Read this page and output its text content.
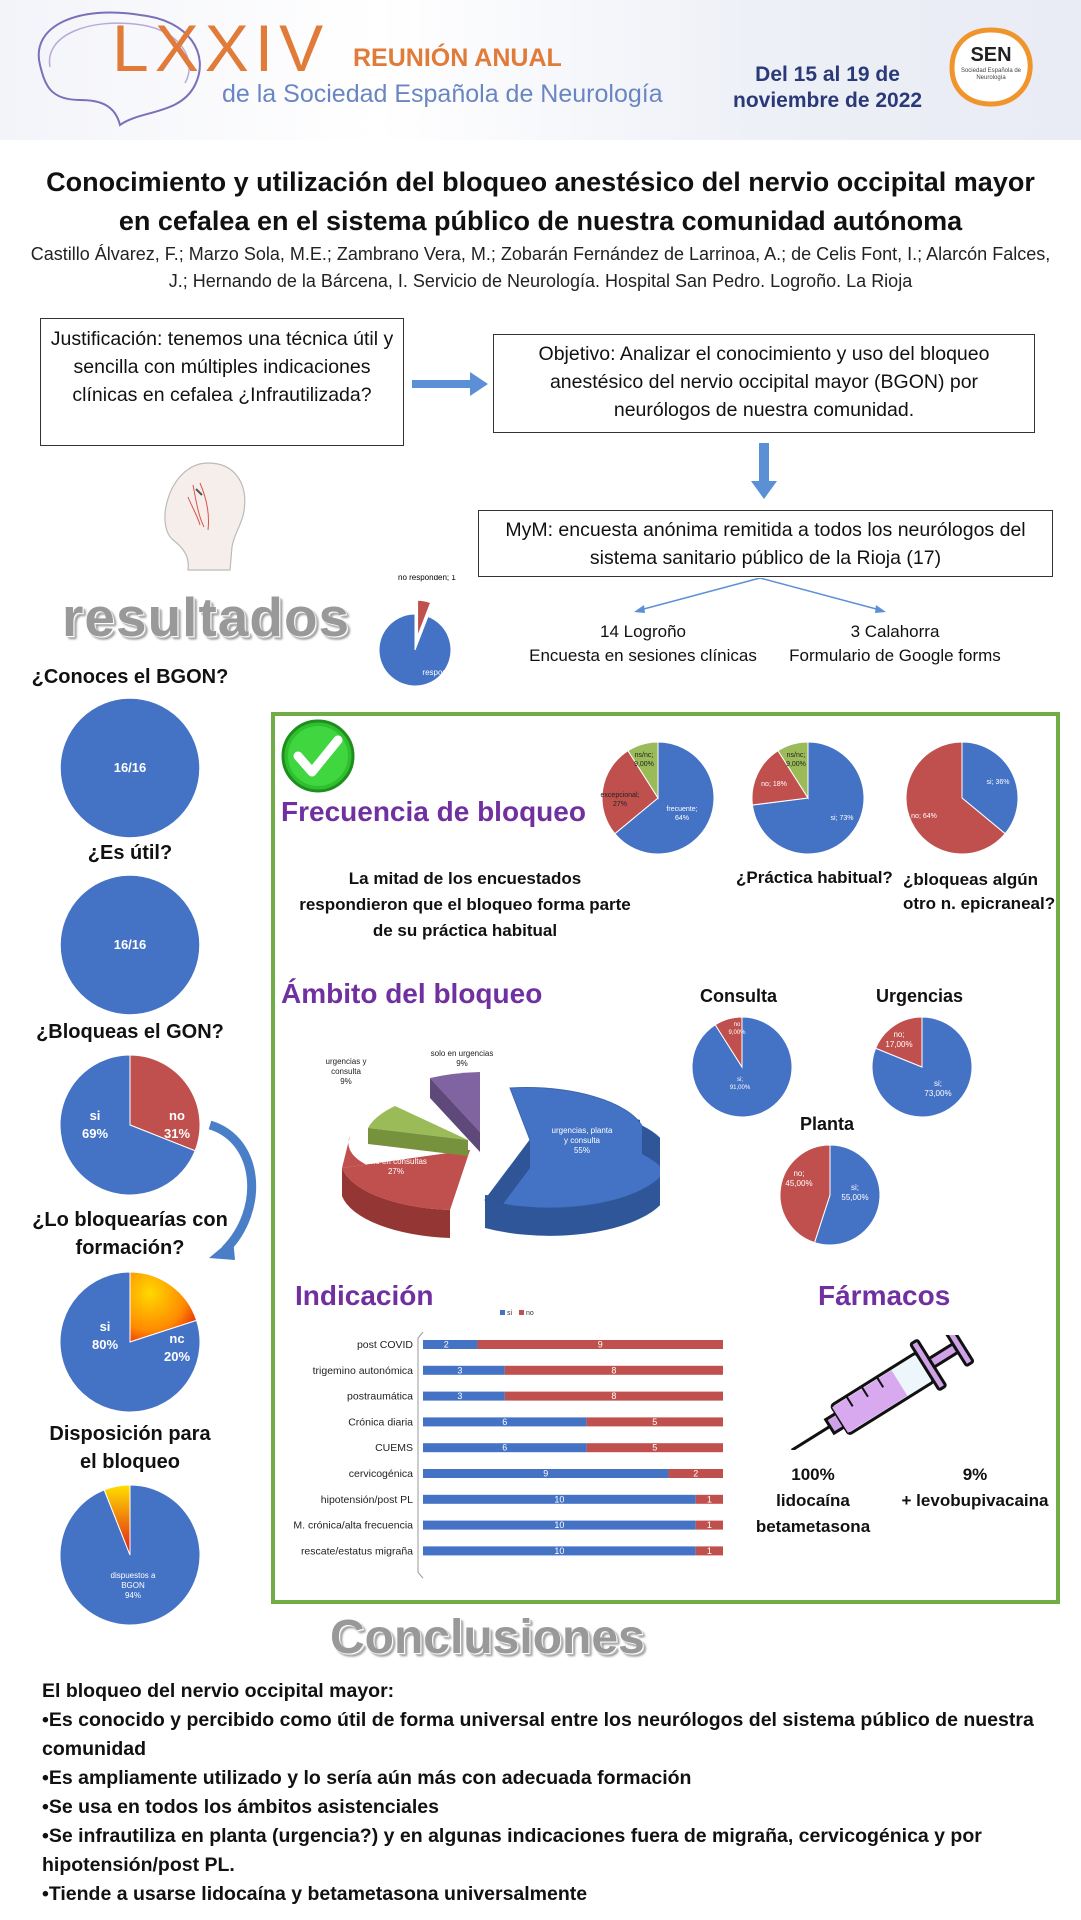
LXXIV REUNIÓN ANUAL
de la Sociedad Española de Neurología
Del 15 al 19 de
noviembre de 2022
SEN
Sociedad Española de Neurología
Conocimiento y utilización del bloqueo anestésico del nervio occipital mayor
en cefalea en el sistema público de nuestra comunidad autónoma
Castillo Álvarez, F.; Marzo Sola, M.E.; Zambrano Vera, M.; Zobarán Fernández de Larrinoa, A.; de Celis Font, I.; Alarcón Falces, J.; Hernando de la Bárcena, I. Servicio de Neurología. Hospital San Pedro. Logroño. La Rioja
Justificación: tenemos una técnica útil y sencilla con múltiples indicaciones clínicas en cefalea ¿Infrautilizada?
Objetivo: Analizar el conocimiento y uso del bloqueo anestésico del nervio occipital mayor (BGON) por neurólogos de nuestra comunidad.
MyM: encuesta anónima remitida a todos los neurólogos del sistema sanitario público de la Rioja (17)
14 Logroño
Encuesta en sesiones clínicas
3 Calahorra
Formulario de Google forms
resultados
no responden; 1
responden; 16
¿Conoces el BGON?
16/16
¿Es útil?
16/16
¿Bloqueas el GON?
si
69%
no
31%
¿Lo bloquearías con
formación?
si
80%	nc
20%
Disposición para
el bloqueo
dispuestos a
BGON
94%
Frecuencia de bloqueo
La mitad de los encuestados respondieron que el bloqueo forma parte de su práctica habitual
frecuente;
64%
excepcional;
27%
ns/nc;
9,00%
si; 73%
no; 18%
ns/nc;
9,00%
si; 36%
no; 64%
¿Práctica habitual? ¿bloqueas algún otro n. epicraneal?
Ámbito del bloqueo
urgencias, planta
y consulta
55%
solo en consultas
27%
urgencias y
consulta
9%
solo en urgencias
9%
Consulta
si;
91,00%
no
9,00%
Urgencias
si;
73,00%
no;
17,00%
Planta
si;
55,00%
no;
45,00%
Indicación
si no
post COVID	2	9
trigemino autonómica	3	8
postraumática	3	8
Crónica diaria	6	5
CUEMS	6	5
cervicogénica	9	2
hipotensión/post PL	10	1
M. crónica/alta frecuencia	10	1
rescate/estatus migraña	10	1
Fármacos
100%
lidocaína
betametasona
9%
+ levobupivacaina
Conclusiones

El bloqueo del nervio occipital mayor:

•Es conocido y percibido como útil de forma universal entre los neurólogos del sistema público de nuestra comunidad

•Es ampliamente utilizado y lo sería aún más con adecuada formación

•Se usa en todos los ámbitos asistenciales

•Se infrautiliza en planta (urgencia?) y en algunas indicaciones fuera de migraña, cervicogénica y por hipotensión/post PL.

•Tiende a usarse lidocaína y betametasona universalmente
